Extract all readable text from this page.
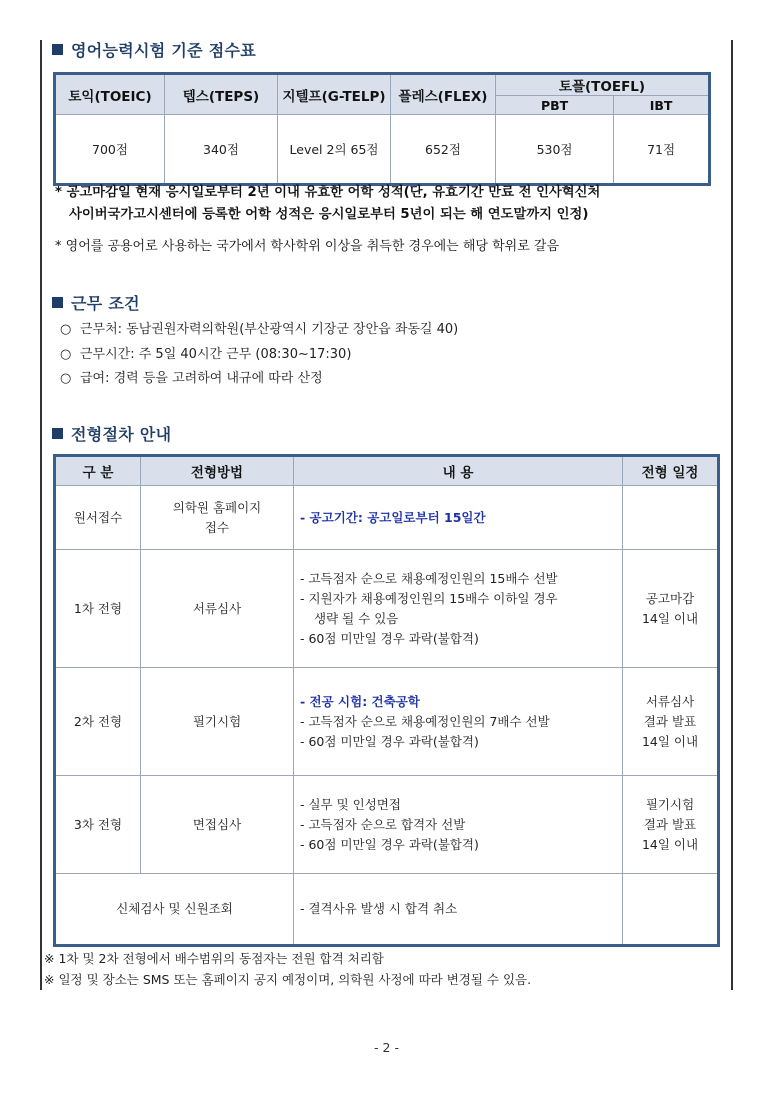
영어능력시험 기준 점수표
토익(TOEIC)	텝스(TEPS)	지텔프(G-TELP)	플레스(FLEX)	토플(TOEFL)	
				PBT	IBT
700점	340점	Level 2의 65점	652점	530점	71점
* 공고마감일 현재 응시일로부터 2년 이내 유효한 어학 성적(단, 유효기간 만료 전 인사혁신처
사이버국가고시센터에 등록한 어학 성적은 응시일로부터 5년이 되는 해 연도말까지 인정)
* 영어를 공용어로 사용하는 국가에서 학사학위 이상을 취득한 경우에는 해당 학위로 갈음
근무 조건
○ 근무처: 동남권원자력의학원(부산광역시 기장군 장안읍 좌동길 40)
○ 근무시간: 주 5일 40시간 근무 (08:30~17:30)
○ 급여: 경력 등을 고려하여 내규에 따라 산정
전형절차 안내
구 분	전형방법	내 용	전형 일정
원서접수	의학원 홈페이지
접수	- 공고기간: 공고일로부터 15일간	

1차 전형	서류심사	- 고득점자 순으로 채용예정인원의 15배수 선발
- 지원자가 채용예정인원의 15배수 이하일 경우
생략 될 수 있음
- 60점 미만일 경우 과락(불합격)	공고마감
14일 이내

2차 전형	필기시험	- 전공 시험: 건축공학
- 고득점자 순으로 채용예정인원의 7배수 선발
- 60점 미만일 경우 과락(불합격)	서류심사
결과 발표
14일 이내

3차 전형	면접심사	- 실무 및 인성면접
- 고득점자 순으로 합격자 선발
- 60점 미만일 경우 과락(불합격)	필기시험
결과 발표
14일 이내

신체검사 및 신원조회		- 결격사유 발생 시 합격 취소	

※ 1차 및 2차 전형에서 배수범위의 동점자는 전원 합격 처리함
※ 일정 및 장소는 SMS 또는 홈페이지 공지 예정이며, 의학원 사정에 따라 변경될 수 있음.
- 2 -
